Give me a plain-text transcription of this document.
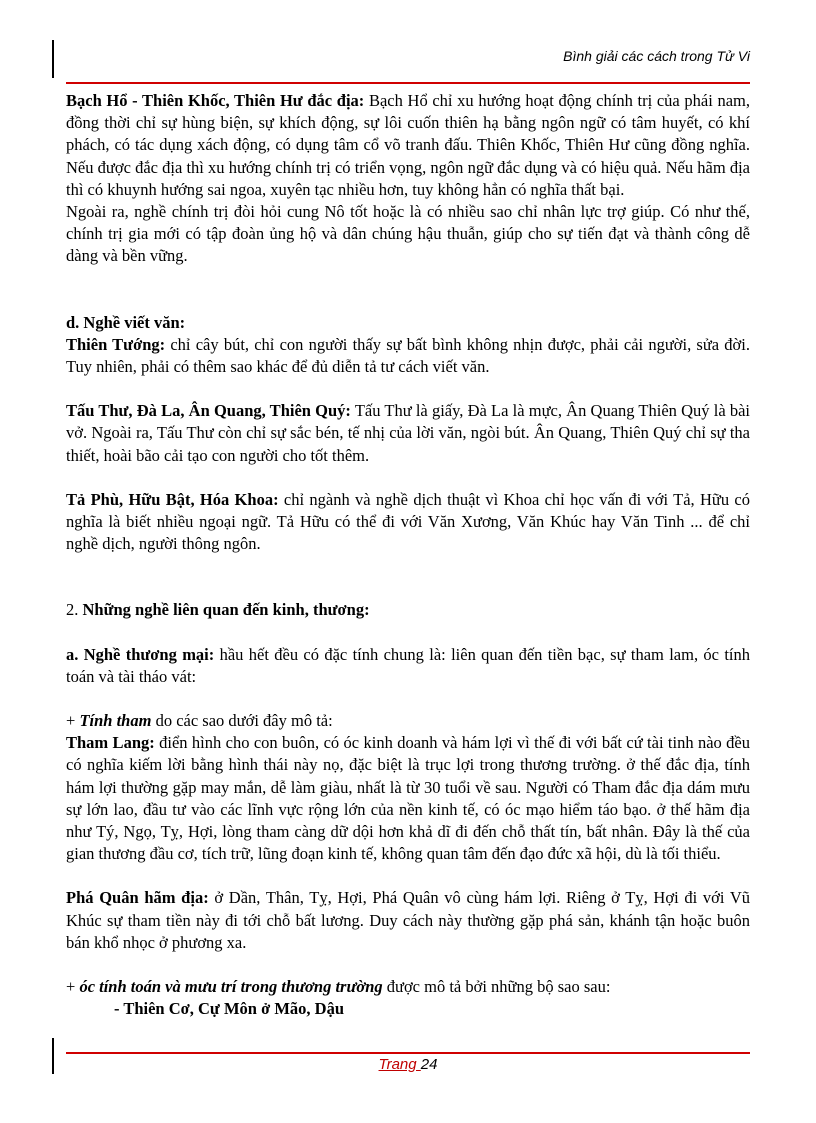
Bình giải các cách trong Tử Vi

Bạch Hổ - Thiên Khốc, Thiên Hư đắc địa: Bạch Hổ chỉ xu hướng hoạt động chính trị của phái nam, đồng thời chỉ sự hùng biện, sự khích động, sự lôi cuốn thiên hạ bằng ngôn ngữ có tâm huyết, có khí phách, có tác dụng xách động, có dụng tâm cổ võ tranh đấu. Thiên Khốc, Thiên Hư cũng đồng nghĩa. Nếu được đắc địa thì xu hướng chính trị có triển vọng, ngôn ngữ đắc dụng và có hiệu quả. Nếu hãm địa thì có khuynh hướng sai ngoa, xuyên tạc nhiều hơn, tuy không hẳn có nghĩa thất bại.

Ngoài ra, nghề chính trị đòi hỏi cung Nô tốt hoặc là có nhiều sao chỉ nhân lực trợ giúp. Có như thế, chính trị gia mới có tập đoàn ủng hộ và dân chúng hậu thuẫn, giúp cho sự tiến đạt và thành công dễ dàng và bền vững.

d. Nghề viết văn:

Thiên Tướng: chỉ cây bút, chỉ con người thấy sự bất bình không nhịn được, phải cải người, sửa đời. Tuy nhiên, phải có thêm sao khác để đủ diễn tả tư cách viết văn.

Tấu Thư, Đà La, Ân Quang, Thiên Quý: Tấu Thư là giấy, Đà La là mực, Ân Quang Thiên Quý là bài vở. Ngoài ra, Tấu Thư còn chỉ sự sắc bén, tế nhị của lời văn, ngòi bút. Ân Quang, Thiên Quý chỉ sự tha thiết, hoài bão cải tạo con người cho tốt thêm.

Tả Phù, Hữu Bật, Hóa Khoa: chỉ ngành và nghề dịch thuật vì Khoa chỉ học vấn đi với Tả, Hữu có nghĩa là biết nhiều ngoại ngữ. Tả Hữu có thể đi với Văn Xương, Văn Khúc hay Văn Tinh ... để chỉ nghề dịch, người thông ngôn.

2. Những nghề liên quan đến kinh, thương:

a. Nghề thương mại: hầu hết đều có đặc tính chung là: liên quan đến tiền bạc, sự tham lam, óc tính toán và tài tháo vát:

+ Tính tham do các sao dưới đây mô tả:

Tham Lang: điển hình cho con buôn, có óc kinh doanh và hám lợi vì thế đi với bất cứ tài tinh nào đều có nghĩa kiếm lời bằng hình thái này nọ, đặc biệt là trục lợi trong thương trường. ở thế đắc địa, tính hám lợi thường gặp may mắn, dễ làm giàu, nhất là từ 30 tuổi về sau. Người có Tham đắc địa dám mưu sự lớn lao, đầu tư vào các lĩnh vực rộng lớn của nền kinh tế, có óc mạo hiểm táo bạo. ở thế hãm địa như Tý, Ngọ, Tỵ, Hợi, lòng tham càng dữ dội hơn khả dĩ đi đến chỗ thất tín, bất nhân. Đây là thế của gian thương đầu cơ, tích trữ, lũng đoạn kinh tế, không quan tâm đến đạo đức xã hội, dù là tối thiểu.

Phá Quân hãm địa: ở Dần, Thân, Tỵ, Hợi, Phá Quân vô cùng hám lợi. Riêng ở Tỵ, Hợi đi với Vũ Khúc sự tham tiền này đi tới chỗ bất lương. Duy cách này thường gặp phá sản, khánh tận hoặc buôn bán khổ nhọc ở phương xa.

+ óc tính toán và mưu trí trong thương trường được mô tả bởi những bộ sao sau:

- Thiên Cơ, Cự Môn ở Mão, Dậu

Trang 24
